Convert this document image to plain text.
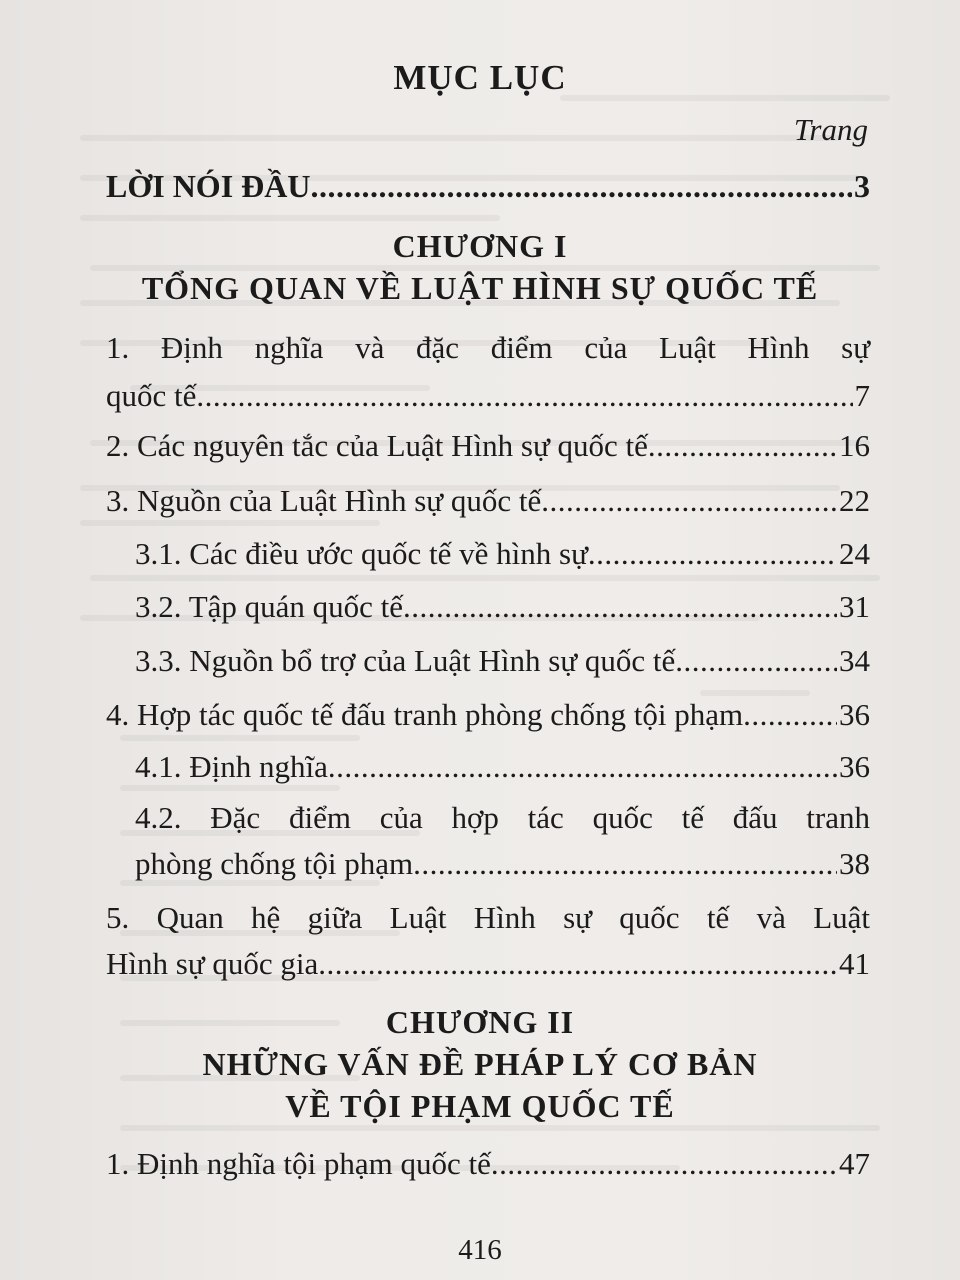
MỤC LỤC
Trang
LỜI NÓI ĐẦU .....	3
CHƯƠNG I
TỔNG QUAN VỀ LUẬT HÌNH SỰ QUỐC TẾ
1. Định nghĩa và đặc điểm của Luật Hình sự
quốc tế .....	7
2. Các nguyên tắc của Luật Hình sự quốc tế .....	16
3. Nguồn của Luật Hình sự quốc tế .....	22
3.1. Các điều ước quốc tế về hình sự .....	24
3.2. Tập quán quốc tế .....	31
3.3. Nguồn bổ trợ của Luật Hình sự quốc tế .....	34
4. Hợp tác quốc tế đấu tranh phòng chống tội phạm .....	36
4.1. Định nghĩa .....	36
4.2. Đặc điểm của hợp tác quốc tế đấu tranh
phòng chống tội phạm .....	38
5. Quan hệ giữa Luật Hình sự quốc tế và Luật
Hình sự quốc gia .....	41
CHƯƠNG II
NHỮNG VẤN ĐỀ PHÁP LÝ CƠ BẢN
VỀ TỘI PHẠM QUỐC TẾ
1. Định nghĩa tội phạm quốc tế .....	47
416
